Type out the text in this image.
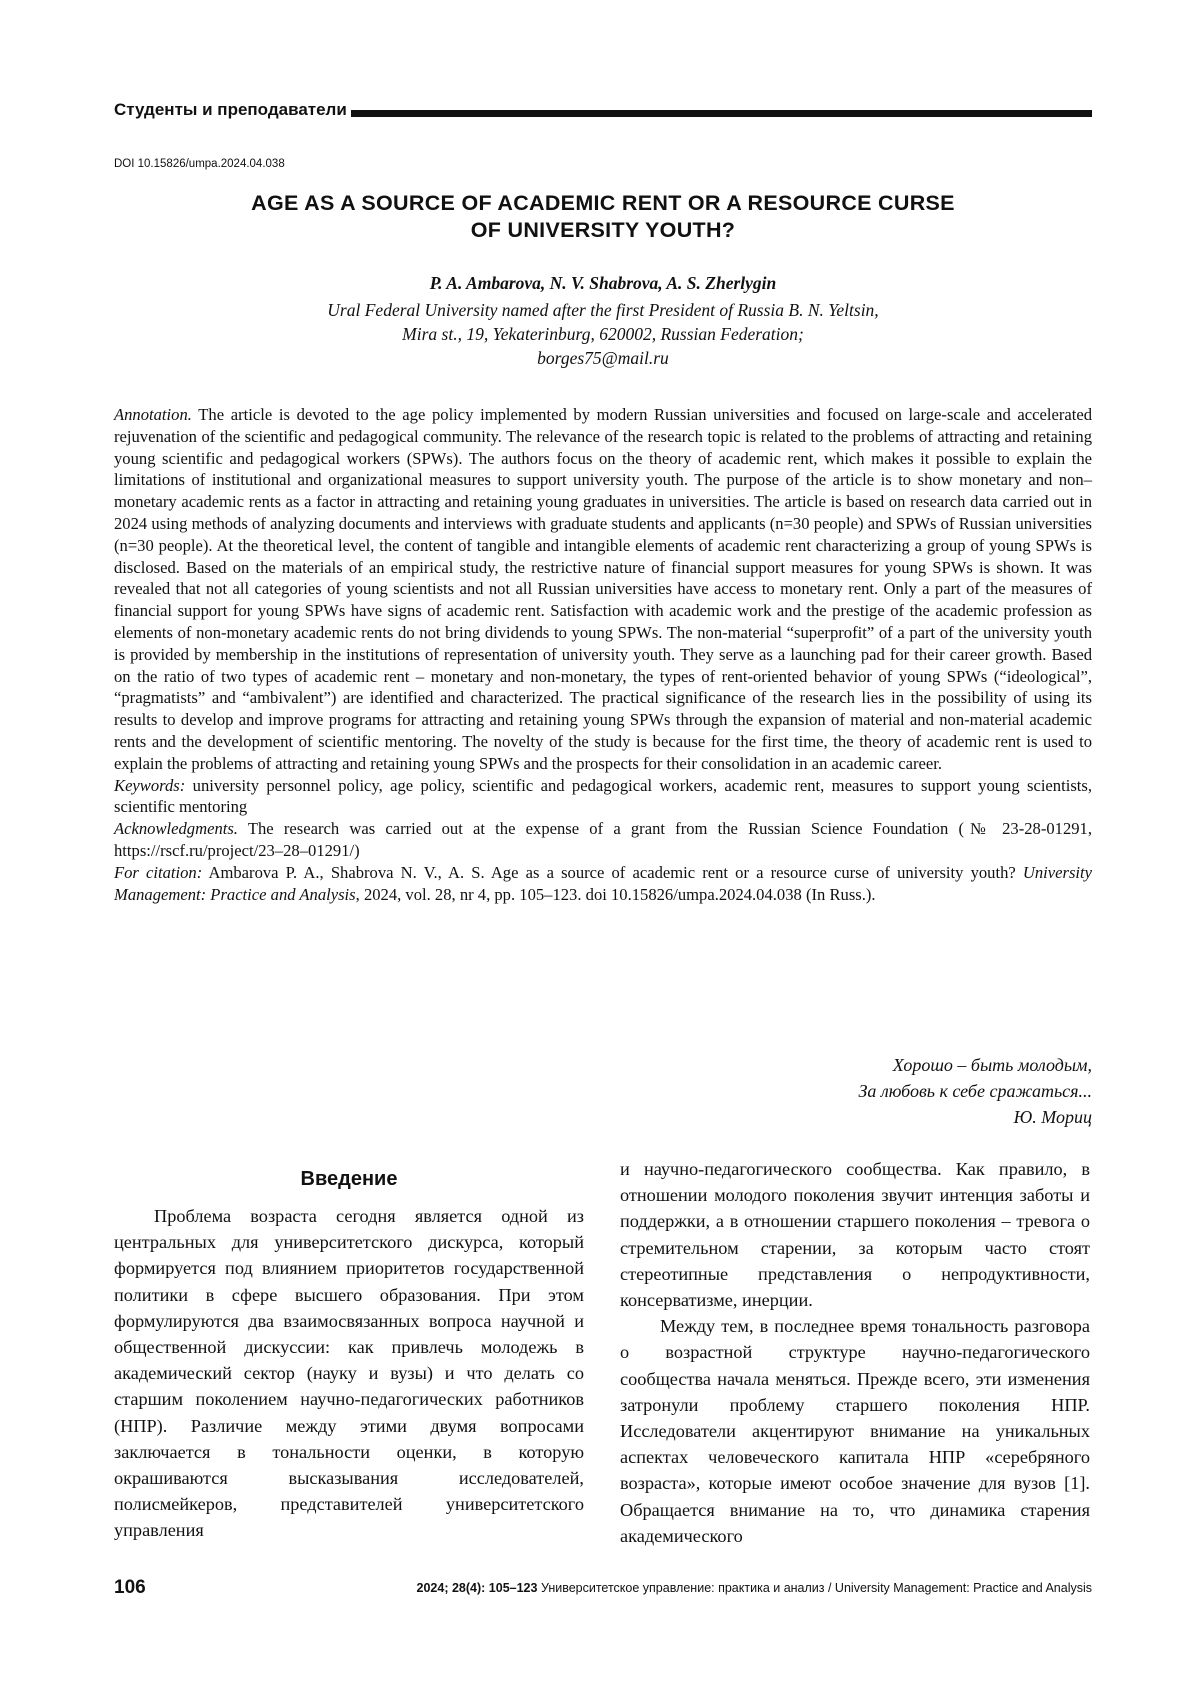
Студенты и преподаватели
DOI 10.15826/umpa.2024.04.038
AGE AS A SOURCE OF ACADEMIC RENT OR A RESOURCE CURSE
OF UNIVERSITY YOUTH?
P. A. Ambarova, N. V. Shabrova, A. S. Zherlygin
Ural Federal University named after the first President of Russia B. N. Yeltsin,
Mira st., 19, Yekaterinburg, 620002, Russian Federation;
borges75@mail.ru

Annotation. The article is devoted to the age policy implemented by modern Russian universities and focused on large-scale and accelerated rejuvenation of the scientific and pedagogical community. The relevance of the research topic is related to the problems of attracting and retaining young scientific and pedagogical workers (SPWs). The authors focus on the theory of academic rent, which makes it possible to explain the limitations of institutional and organizational measures to support university youth. The purpose of the article is to show monetary and non–monetary academic rents as a factor in attracting and retaining young graduates in universities. The article is based on research data carried out in 2024 using methods of analyzing documents and interviews with graduate students and applicants (n=30 people) and SPWs of Russian universities (n=30 people). At the theoretical level, the content of tangible and intangible elements of academic rent characterizing a group of young SPWs is disclosed. Based on the materials of an empirical study, the restrictive nature of financial support measures for young SPWs is shown. It was revealed that not all categories of young scientists and not all Russian universities have access to monetary rent. Only a part of the measures of financial support for young SPWs have signs of academic rent. Satisfaction with academic work and the prestige of the academic profession as elements of non-monetary academic rents do not bring dividends to young SPWs. The non-material “superprofit” of a part of the university youth is provided by membership in the institutions of representation of university youth. They serve as a launching pad for their career growth. Based on the ratio of two types of academic rent – monetary and non-monetary, the types of rent-oriented behavior of young SPWs (“ideological”, “pragmatists” and “ambivalent”) are identified and characterized. The practical significance of the research lies in the possibility of using its results to develop and improve programs for attracting and retaining young SPWs through the expansion of material and non-material academic rents and the development of scientific mentoring. The novelty of the study is because for the first time, the theory of academic rent is used to explain the problems of attracting and retaining young SPWs and the prospects for their consolidation in an academic career.

Keywords: university personnel policy, age policy, scientific and pedagogical workers, academic rent, measures to support young scientists, scientific mentoring

Acknowledgments. The research was carried out at the expense of a grant from the Russian Science Foundation (№ 23-28-01291, https://rscf.ru/project/23–28–01291/)

For citation: Ambarova P. A., Shabrova N. V., A. S. Age as a source of academic rent or a resource curse of university youth? University Management: Practice and Analysis, 2024, vol. 28, nr 4, pp. 105–123. doi 10.15826/umpa.2024.04.038 (In Russ.).

Хорошо – быть молодым,
За любовь к себе сражаться...
Ю. Мориц
Введение

Проблема возраста сегодня является одной из центральных для университетского дискурса, который формируется под влиянием приоритетов государственной политики в сфере высшего образования. При этом формулируются два взаимосвязанных вопроса научной и общественной дискуссии: как привлечь молодежь в академический сектор (науку и вузы) и что делать со старшим поколением научно-педагогических работников (НПР). Различие между этими двумя вопросами заключается в тональности оценки, в которую окрашиваются высказывания исследователей, полисмейкеров, представителей университетского управления

и научно-педагогического сообщества. Как правило, в отношении молодого поколения звучит интенция заботы и поддержки, а в отношении старшего поколения – тревога о стремительном старении, за которым часто стоят стереотипные представления о непродуктивности, консерватизме, инерции.

Между тем, в последнее время тональность разговора о возрастной структуре научно-педагогического сообщества начала меняться. Прежде всего, эти изменения затронули проблему старшего поколения НПР. Исследователи акцентируют внимание на уникальных аспектах человеческого капитала НПР «серебряного возраста», которые имеют особое значение для вузов [1]. Обращается внимание на то, что динамика старения академического

106	2024; 28(4): 105–123 Университетское управление: практика и анализ / University Management: Practice and Analysis
